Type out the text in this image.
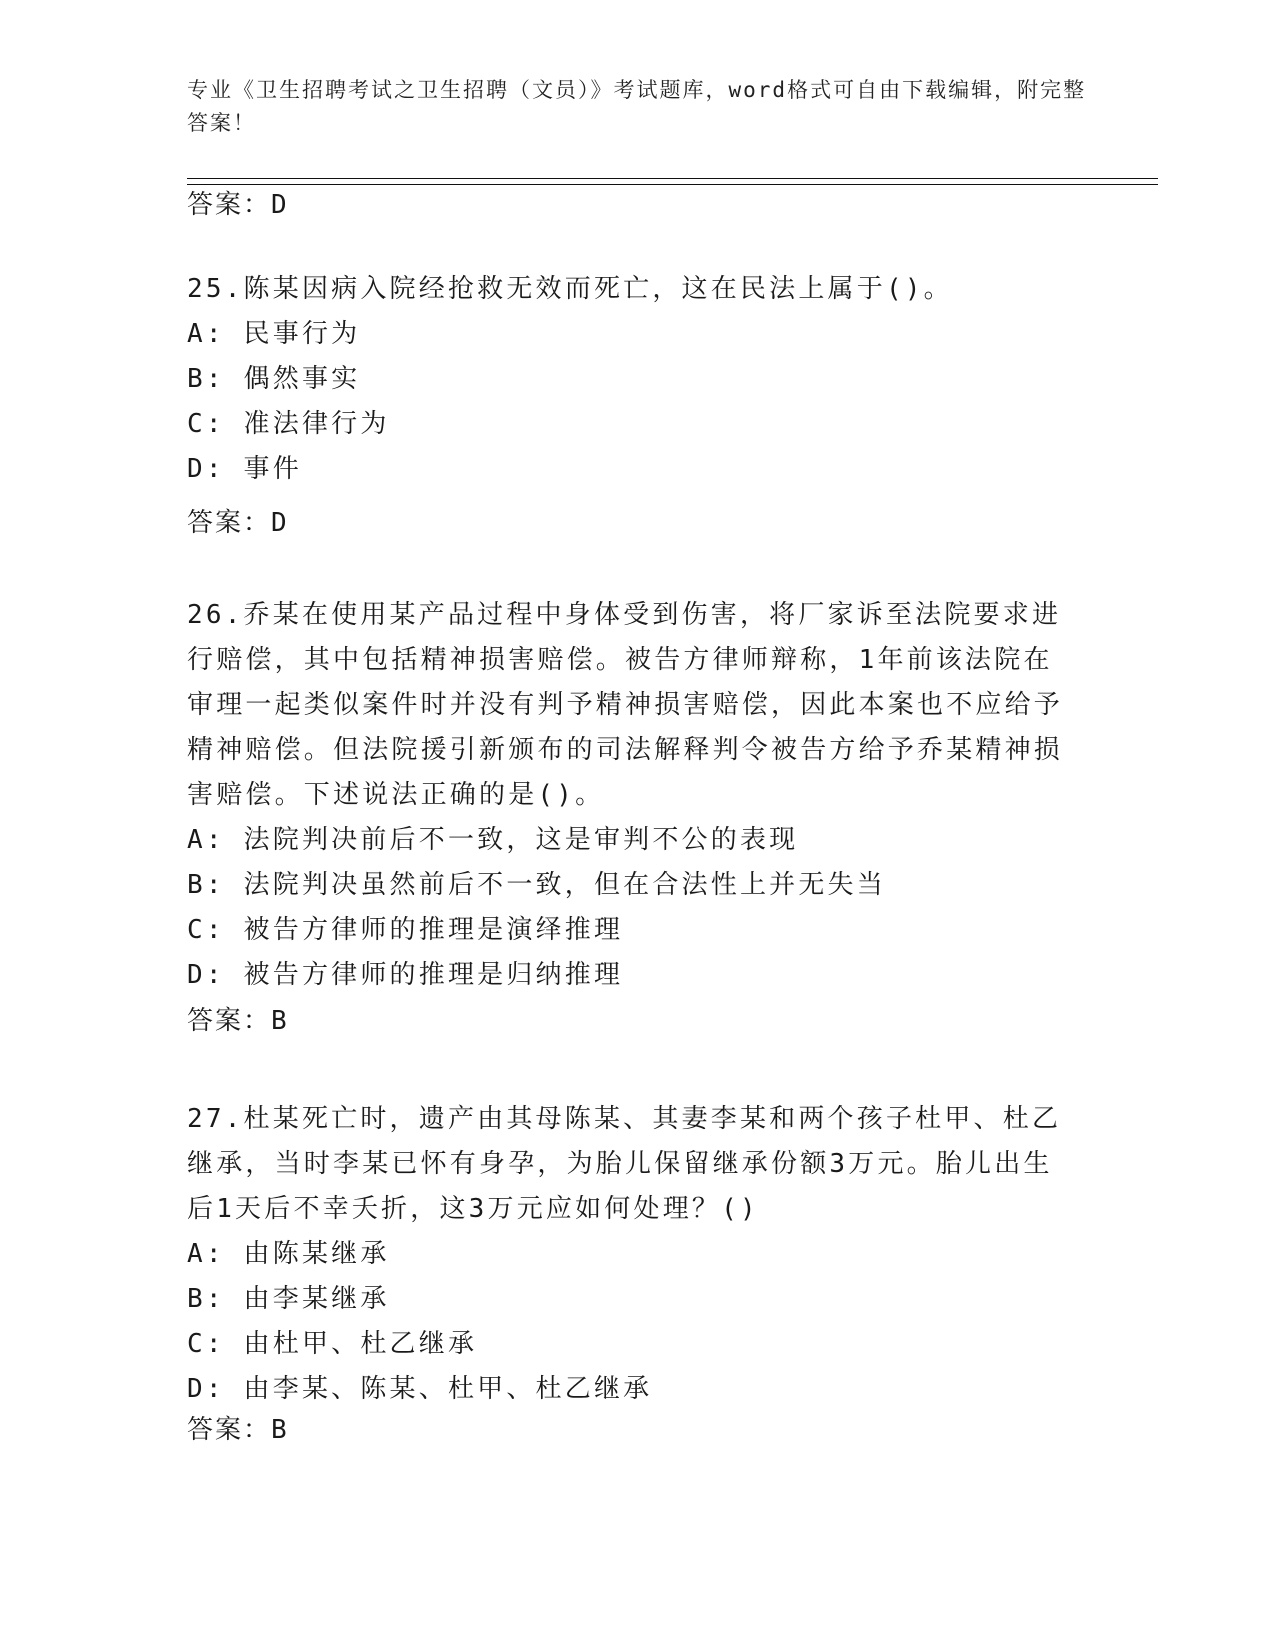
专业《卫生招聘考试之卫生招聘（文员）》考试题库，word格式可自由下载编辑，附完整答案！
答案：D

25.陈某因病入院经抢救无效而死亡，这在民法上属于()。

A: 民事行为

B: 偶然事实

C: 准法律行为

D: 事件

答案：D

26.乔某在使用某产品过程中身体受到伤害，将厂家诉至法院要求进行赔偿，其中包括精神损害赔偿。被告方律师辩称，1年前该法院在审理一起类似案件时并没有判予精神损害赔偿，因此本案也不应给予精神赔偿。但法院援引新颁布的司法解释判令被告方给予乔某精神损害赔偿。下述说法正确的是()。

A: 法院判决前后不一致，这是审判不公的表现

B: 法院判决虽然前后不一致，但在合法性上并无失当

C: 被告方律师的推理是演绎推理

D: 被告方律师的推理是归纳推理

答案：B

27.杜某死亡时，遗产由其母陈某、其妻李某和两个孩子杜甲、杜乙继承，当时李某已怀有身孕，为胎儿保留继承份额3万元。胎儿出生后1天后不幸夭折，这3万元应如何处理？()

A: 由陈某继承

B: 由李某继承

C: 由杜甲、杜乙继承

D: 由李某、陈某、杜甲、杜乙继承

答案：B
